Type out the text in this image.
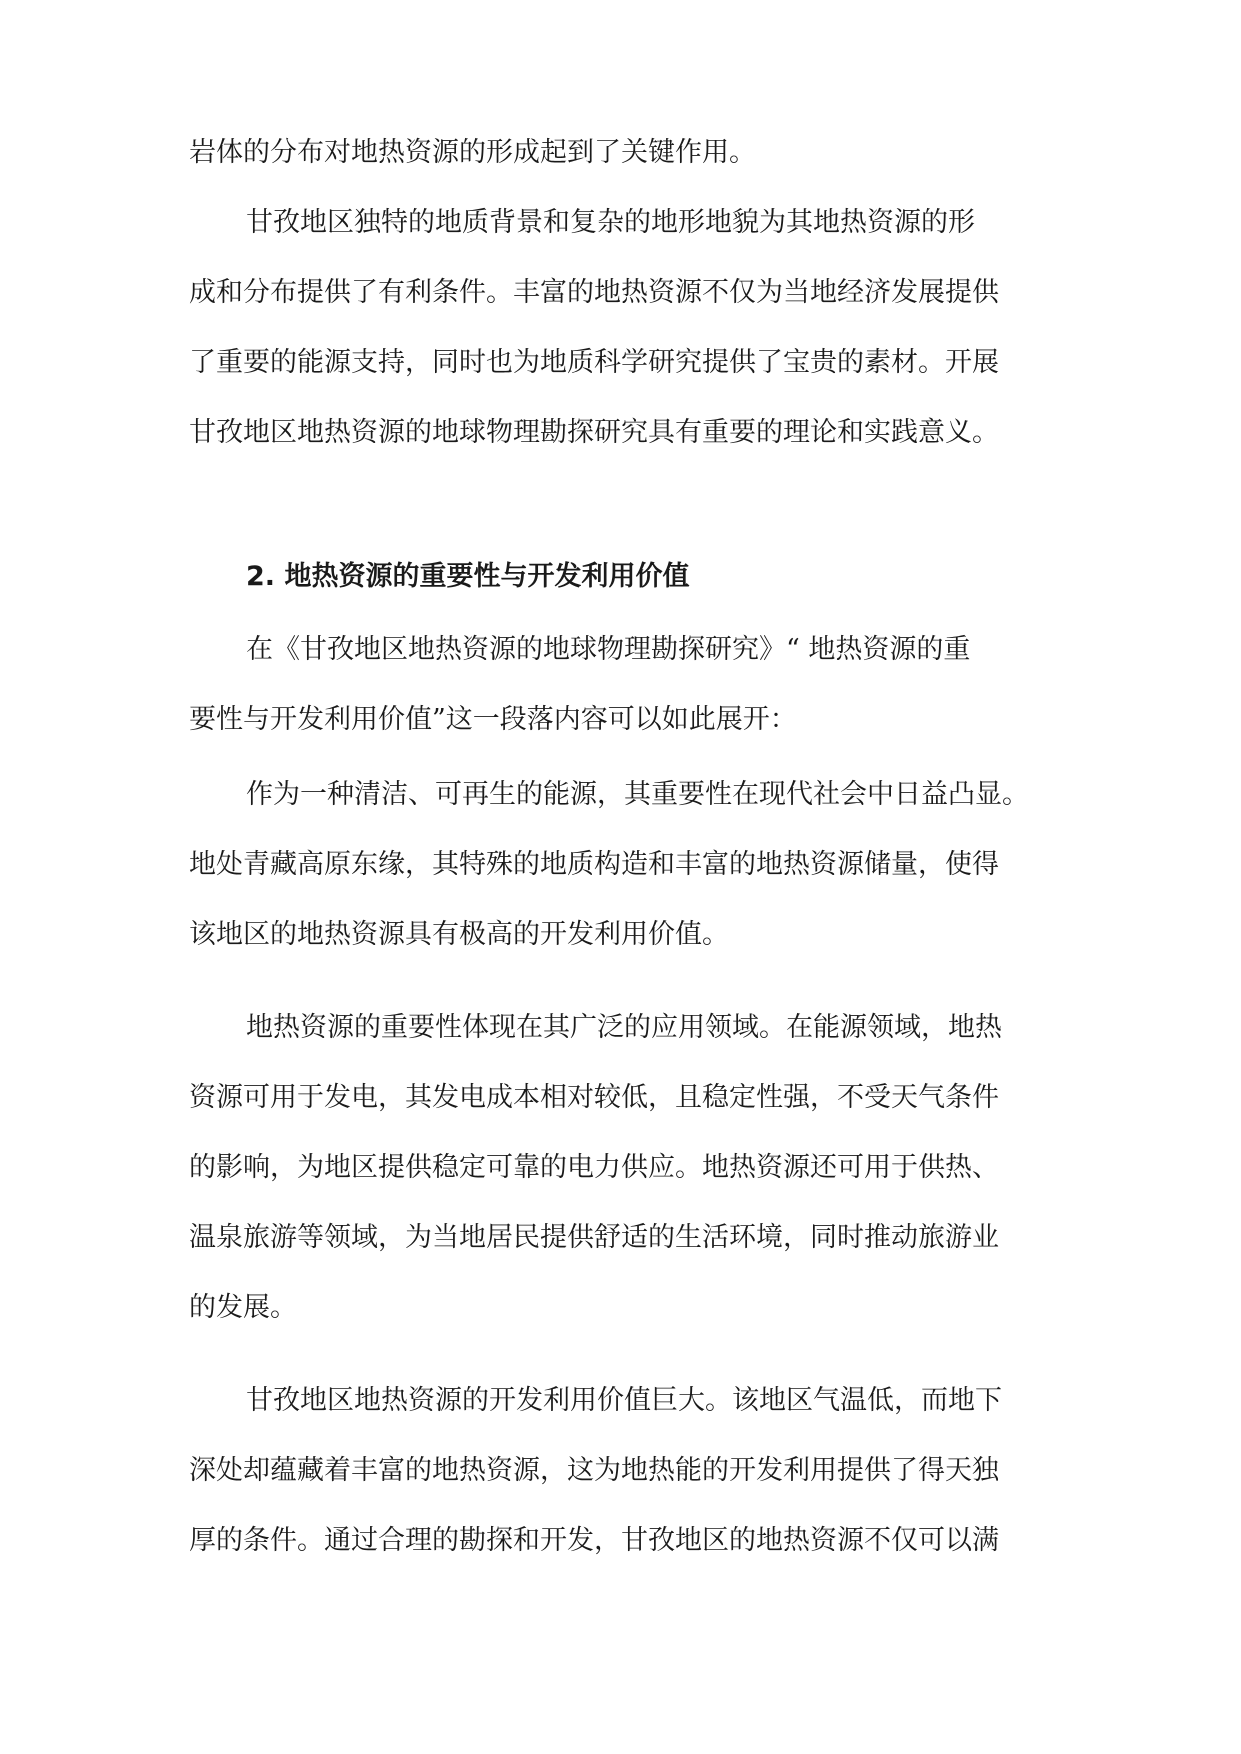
岩体的分布对地热资源的形成起到了关键作用。

甘孜地区独特的地质背景和复杂的地形地貌为其地热资源的形

成和分布提供了有利条件。丰富的地热资源不仅为当地经济发展提供

了重要的能源支持，同时也为地质科学研究提供了宝贵的素材。开展

甘孜地区地热资源的地球物理勘探研究具有重要的理论和实践意义。

2. 地热资源的重要性与开发利用价值

在《甘孜地区地热资源的地球物理勘探研究》“ 地热资源的重

要性与开发利用价值”这一段落内容可以如此展开：

作为一种清洁、可再生的能源，其重要性在现代社会中日益凸显。

地处青藏高原东缘，其特殊的地质构造和丰富的地热资源储量，使得

该地区的地热资源具有极高的开发利用价值。

地热资源的重要性体现在其广泛的应用领域。在能源领域，地热

资源可用于发电，其发电成本相对较低，且稳定性强，不受天气条件

的影响，为地区提供稳定可靠的电力供应。地热资源还可用于供热、

温泉旅游等领域，为当地居民提供舒适的生活环境，同时推动旅游业

的发展。

甘孜地区地热资源的开发利用价值巨大。该地区气温低，而地下

深处却蕴藏着丰富的地热资源，这为地热能的开发利用提供了得天独

厚的条件。通过合理的勘探和开发，甘孜地区的地热资源不仅可以满
